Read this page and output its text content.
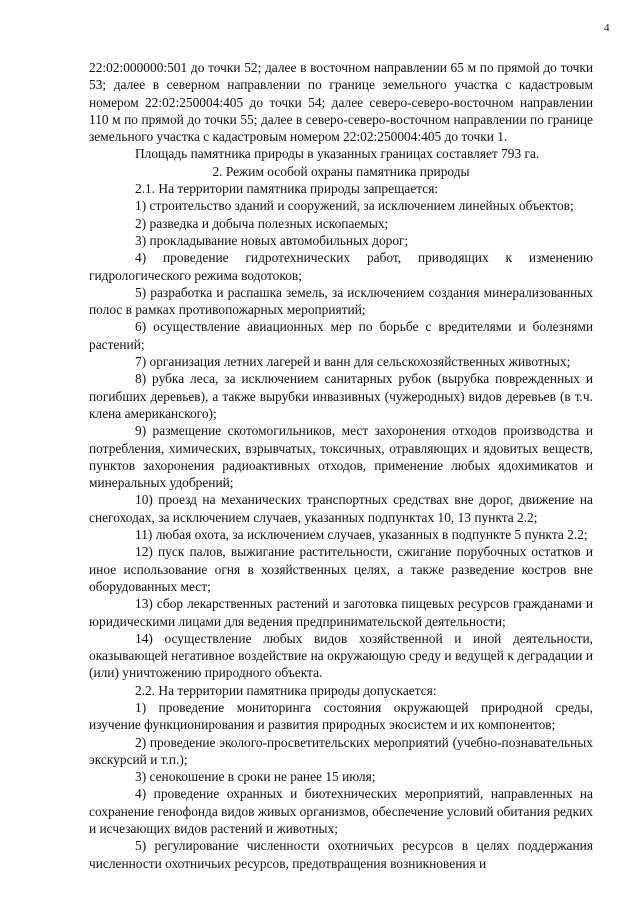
4

22:02:000000:501 до точки 52; далее в восточном направлении 65 м по прямой до точки 53; далее в северном направлении по границе земельного участка с кадастровым номером 22:02:250004:405 до точки 54; далее северо-северо-восточном направлении 110 м по прямой до точки 55; далее в северо-северо-восточном направлении по границе земельного участка с кадастровым номером 22:02:250004:405 до точки 1.

Площадь памятника природы в указанных границах составляет 793 га.

2. Режим особой охраны памятника природы

2.1. На территории памятника природы запрещается:

1) строительство зданий и сооружений, за исключением линейных объектов;

2) разведка и добыча полезных ископаемых;

3) прокладывание новых автомобильных дорог;

4) проведение гидротехнических работ, приводящих к изменению гидрологического режима водотоков;

5) разработка и распашка земель, за исключением создания минерализованных полос в рамках противопожарных мероприятий;

6) осуществление авиационных мер по борьбе с вредителями и болезнями растений;

7) организация летних лагерей и ванн для сельскохозяйственных животных;

8) рубка леса, за исключением санитарных рубок (вырубка поврежденных и погибших деревьев), а также вырубки инвазивных (чужеродных) видов деревьев (в т.ч. клена американского);

9) размещение скотомогильников, мест захоронения отходов производства и потребления, химических, взрывчатых, токсичных, отравляющих и ядовитых веществ, пунктов захоронения радиоактивных отходов, применение любых ядохимикатов и минеральных удобрений;

10) проезд на механических транспортных средствах вне дорог, движение на снегоходах, за исключением случаев, указанных подпунктах 10, 13 пункта 2.2;

11) любая охота, за исключением случаев, указанных в подпункте 5 пункта 2.2;

12) пуск палов, выжигание растительности, сжигание порубочных остатков и иное использование огня в хозяйственных целях, а также разведение костров вне оборудованных мест;

13) сбор лекарственных растений и заготовка пищевых ресурсов гражданами и юридическими лицами для ведения предпринимательской деятельности;

14) осуществление любых видов хозяйственной и иной деятельности, оказывающей негативное воздействие на окружающую среду и ведущей к деградации и (или) уничтожению природного объекта.

2.2. На территории памятника природы допускается:

1) проведение мониторинга состояния окружающей природной среды, изучение функционирования и развития природных экосистем и их компонентов;

2) проведение эколого-просветительских мероприятий (учебно-познавательных экскурсий и т.п.);

3) сенокошение в сроки не ранее 15 июля;

4) проведение охранных и биотехнических мероприятий, направленных на сохранение генофонда видов живых организмов, обеспечение условий обитания редких и исчезающих видов растений и животных;

5) регулирование численности охотничьих ресурсов в целях поддержания численности охотничьих ресурсов, предотвращения возникновения и
